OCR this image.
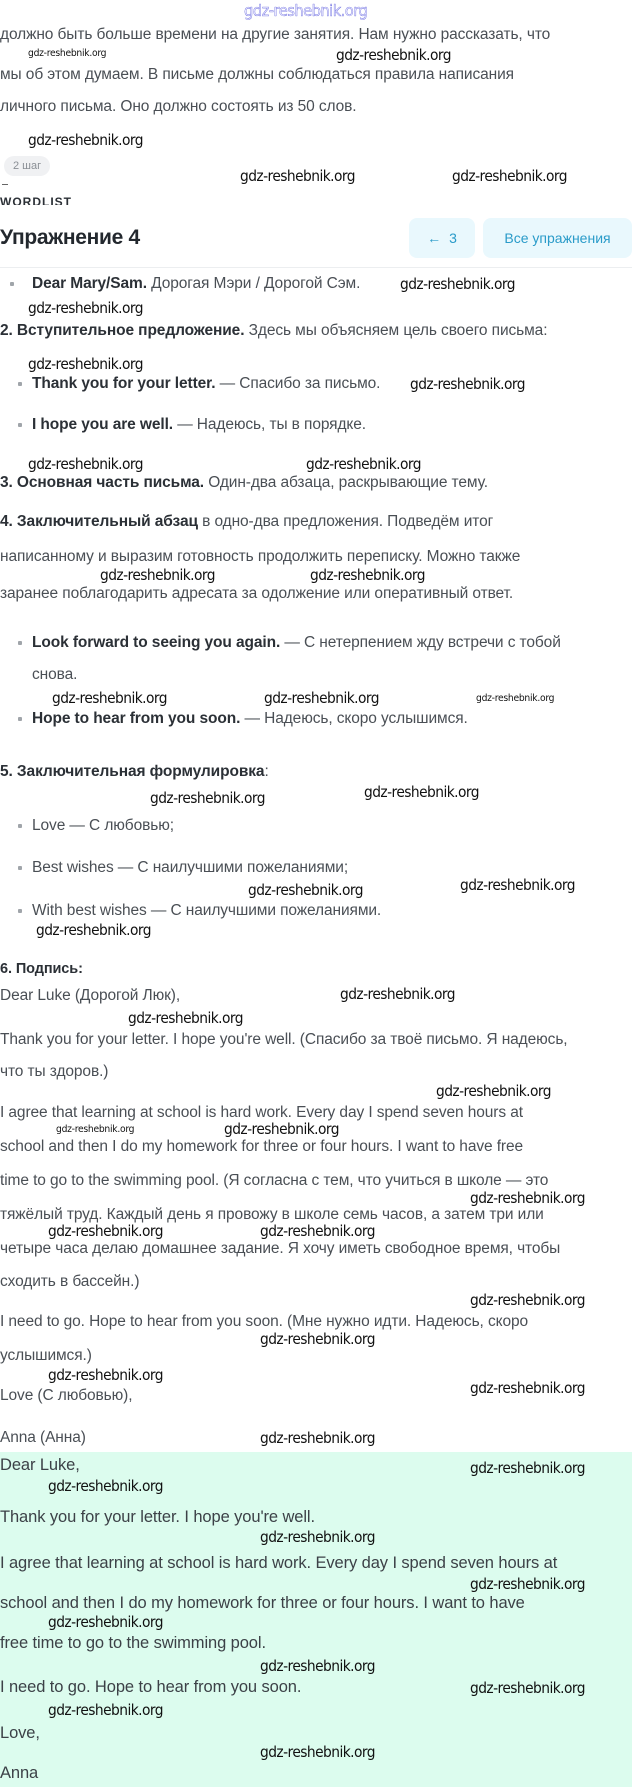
gdz-reshebnik.org
должно быть больше времени на другие занятия. Нам нужно рассказать, что
мы об этом думаем. В письме должны соблюдаться правила написания
личного письма. Оно должно состоять из 50 слов.
2 шаг
WORDLIST
Упражнение 4	← 3	Все упражнения
Dear Mary/Sam. Дорогая Мэри / Дорогой Сэм.
2. Вступительное предложение. Здесь мы объясняем цель своего письма:
Thank you for your letter. — Спасибо за письмо.
I hope you are well. — Надеюсь, ты в порядке.
3. Основная часть письма. Один-два абзаца, раскрывающие тему.
4. Заключительный абзац в одно-два предложения. Подведём итог
написанному и выразим готовность продолжить переписку. Можно также
заранее поблагодарить адресата за одолжение или оперативный ответ.
Look forward to seeing you again. — С нетерпением жду встречи с тобой
снова.
Hope to hear from you soon. — Надеюсь, скоро услышимся.
5. Заключительная формулировка:
Love — С любовью;
Best wishes — С наилучшими пожеланиями;
With best wishes — С наилучшими пожеланиями.
6. Подпись:
Dear Luke (Дорогой Люк),
Thank you for your letter. I hope you're well. (Спасибо за твоё письмо. Я надеюсь,
что ты здоров.)
I agree that learning at school is hard work. Every day I spend seven hours at
school and then I do my homework for three or four hours. I want to have free
time to go to the swimming pool. (Я согласна с тем, что учиться в школе — это
тяжёлый труд. Каждый день я провожу в школе семь часов, а затем три или
четыре часа делаю домашнее задание. Я хочу иметь свободное время, чтобы
сходить в бассейн.)
I need to go. Hope to hear from you soon. (Мне нужно идти. Надеюсь, скоро
услышимся.)
Love (С любовью),
Anna (Анна)
Dear Luke,
Thank you for your letter. I hope you're well.
I agree that learning at school is hard work. Every day I spend seven hours at
school and then I do my homework for three or four hours. I want to have
free time to go to the swimming pool.
I need to go. Hope to hear from you soon.
Love,
Anna
gdz-reshebnik.org	gdz-reshebnik.org
gdz-reshebnik.org
gdz-reshebnik.org	gdz-reshebnik.org
gdz-reshebnik.org
gdz-reshebnik.org
gdz-reshebnik.org
gdz-reshebnik.org
gdz-reshebnik.org	gdz-reshebnik.org
gdz-reshebnik.org	gdz-reshebnik.org
gdz-reshebnik.org	gdz-reshebnik.org	gdz-reshebnik.org
gdz-reshebnik.org	gdz-reshebnik.org
gdz-reshebnik.org	gdz-reshebnik.org
gdz-reshebnik.org
gdz-reshebnik.org
gdz-reshebnik.org
gdz-reshebnik.org
gdz-reshebnik.org	gdz-reshebnik.org
gdz-reshebnik.org
gdz-reshebnik.org	gdz-reshebnik.org
gdz-reshebnik.org
gdz-reshebnik.org
gdz-reshebnik.org
gdz-reshebnik.org
gdz-reshebnik.org
gdz-reshebnik.org
gdz-reshebnik.org
gdz-reshebnik.org
gdz-reshebnik.org
gdz-reshebnik.org
gdz-reshebnik.org
gdz-reshebnik.org
gdz-reshebnik.org
gdz-reshebnik.org
